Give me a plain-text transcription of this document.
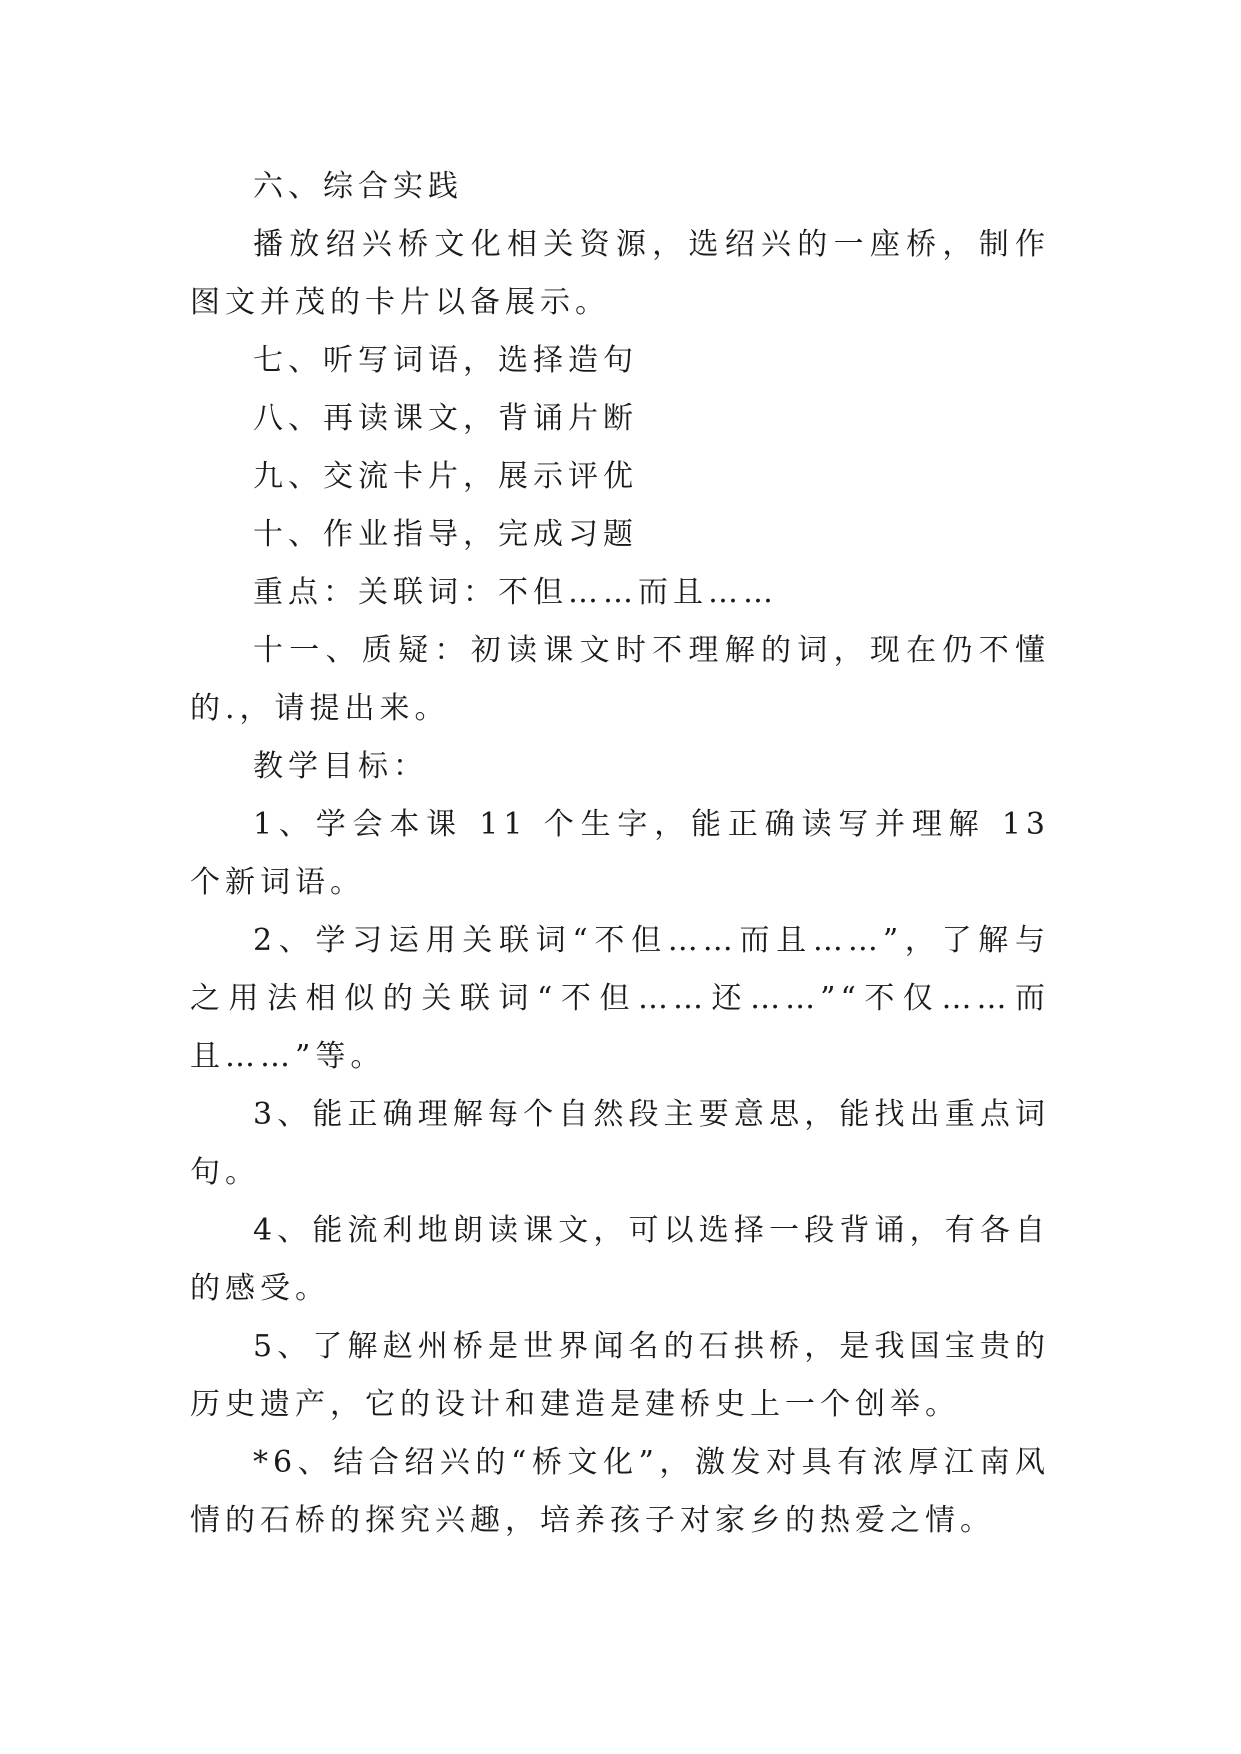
六、综合实践

播放绍兴桥文化相关资源，选绍兴的一座桥，制作图文并茂的卡片以备展示。

七、听写词语，选择造句

八、再读课文，背诵片断

九、交流卡片，展示评优

十、作业指导，完成习题

重点：关联词：不但……而且……

十一、质疑：初读课文时不理解的词，现在仍不懂的.，请提出来。

教学目标：

1、学会本课 11 个生字，能正确读写并理解 13 个新词语。

2、学习运用关联词“不但……而且……”，了解与之用法相似的关联词“不但……还……”“不仅……而且……”等。

3、能正确理解每个自然段主要意思，能找出重点词句。

4、能流利地朗读课文，可以选择一段背诵，有各自的感受。

5、了解赵州桥是世界闻名的石拱桥，是我国宝贵的历史遗产，它的设计和建造是建桥史上一个创举。

*6、结合绍兴的“桥文化”，激发对具有浓厚江南风情的石桥的探究兴趣，培养孩子对家乡的热爱之情。
